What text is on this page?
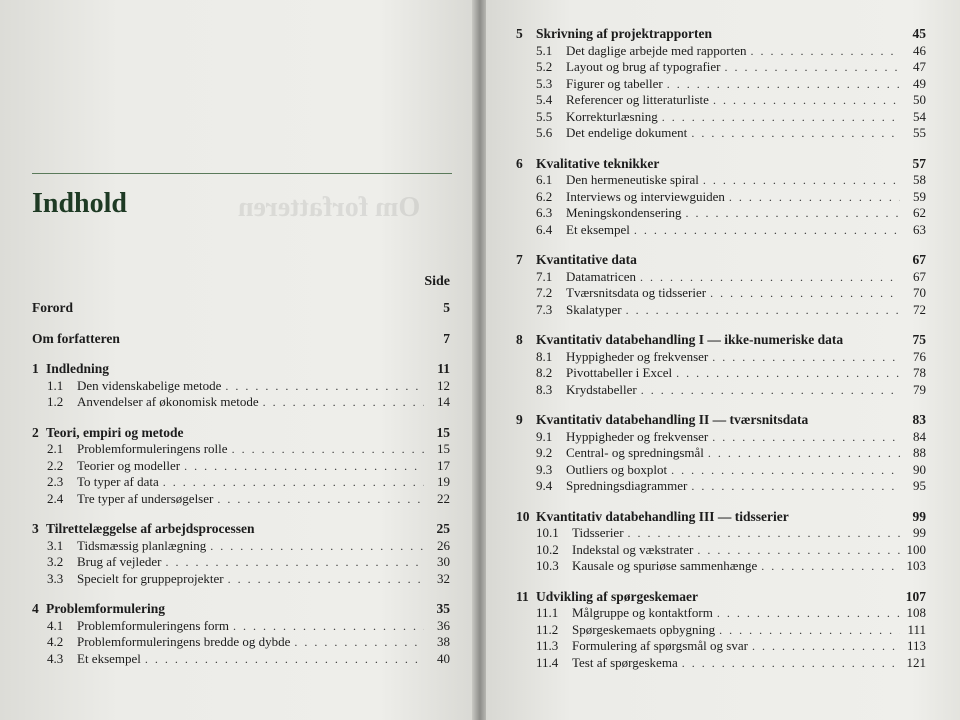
Om forfatteren
Indhold
Side
Forord	5
Om forfatteren	7
1 Indledning	11
1.1	Den videnskabelige metode . . .	12
1.2	Anvendelser af økonomisk metode . . .	14
2 Teori, empiri og metode	15
2.1	Problemformuleringens rolle . . .	15
2.2	Teorier og modeller . . .	17
2.3	To typer af data . . .	19
2.4	Tre typer af undersøgelser . . .	22
3 Tilrettelæggelse af arbejdsprocessen	25
3.1	Tidsmæssig planlægning . . .	26
3.2	Brug af vejleder . . .	30
3.3	Specielt for gruppeprojekter . . .	32
4 Problemformulering	35
4.1	Problemformuleringens form . . .	36
4.2	Problemformuleringens bredde og dybde . . .	38
4.3	Et eksempel . . .	40
5 Skrivning af projektrapporten	45
5.1	Det daglige arbejde med rapporten . . .	46
5.2	Layout og brug af typografier . . .	47
5.3	Figurer og tabeller . . .	49
5.4	Referencer og litteraturliste . . .	50
5.5	Korrekturlæsning . . .	54
5.6	Det endelige dokument . . .	55
6 Kvalitative teknikker	57
6.1	Den hermeneutiske spiral . . .	58
6.2	Interviews og interviewguiden . . .	59
6.3	Meningskondensering . . .	62
6.4	Et eksempel . . .	63
7 Kvantitative data	67
7.1	Datamatricen . . .	67
7.2	Tværsnitsdata og tidsserier . . .	70
7.3	Skalatyper . . .	72
8 Kvantitativ databehandling I — ikke-numeriske data	75
8.1	Hyppigheder og frekvenser . . .	76
8.2	Pivottabeller i Excel . . .	78
8.3	Krydstabeller . . .	79
9 Kvantitativ databehandling II — tværsnitsdata	83
9.1	Hyppigheder og frekvenser . . .	84
9.2	Central- og spredningsmål . . .	88
9.3	Outliers og boxplot . . .	90
9.4	Spredningsdiagrammer . . .	95
10 Kvantitativ databehandling III — tidsserier	99
10.1	Tidsserier . . .	99
10.2	Indekstal og vækstrater . . .	100
10.3	Kausale og spuriøse sammenhænge . . .	103
11 Udvikling af spørgeskemaer	107
11.1	Målgruppe og kontaktform . . .	108
11.2	Spørgeskemaets opbygning . . .	111
11.3	Formulering af spørgsmål og svar . . .	113
11.4	Test af spørgeskema . . .	121
